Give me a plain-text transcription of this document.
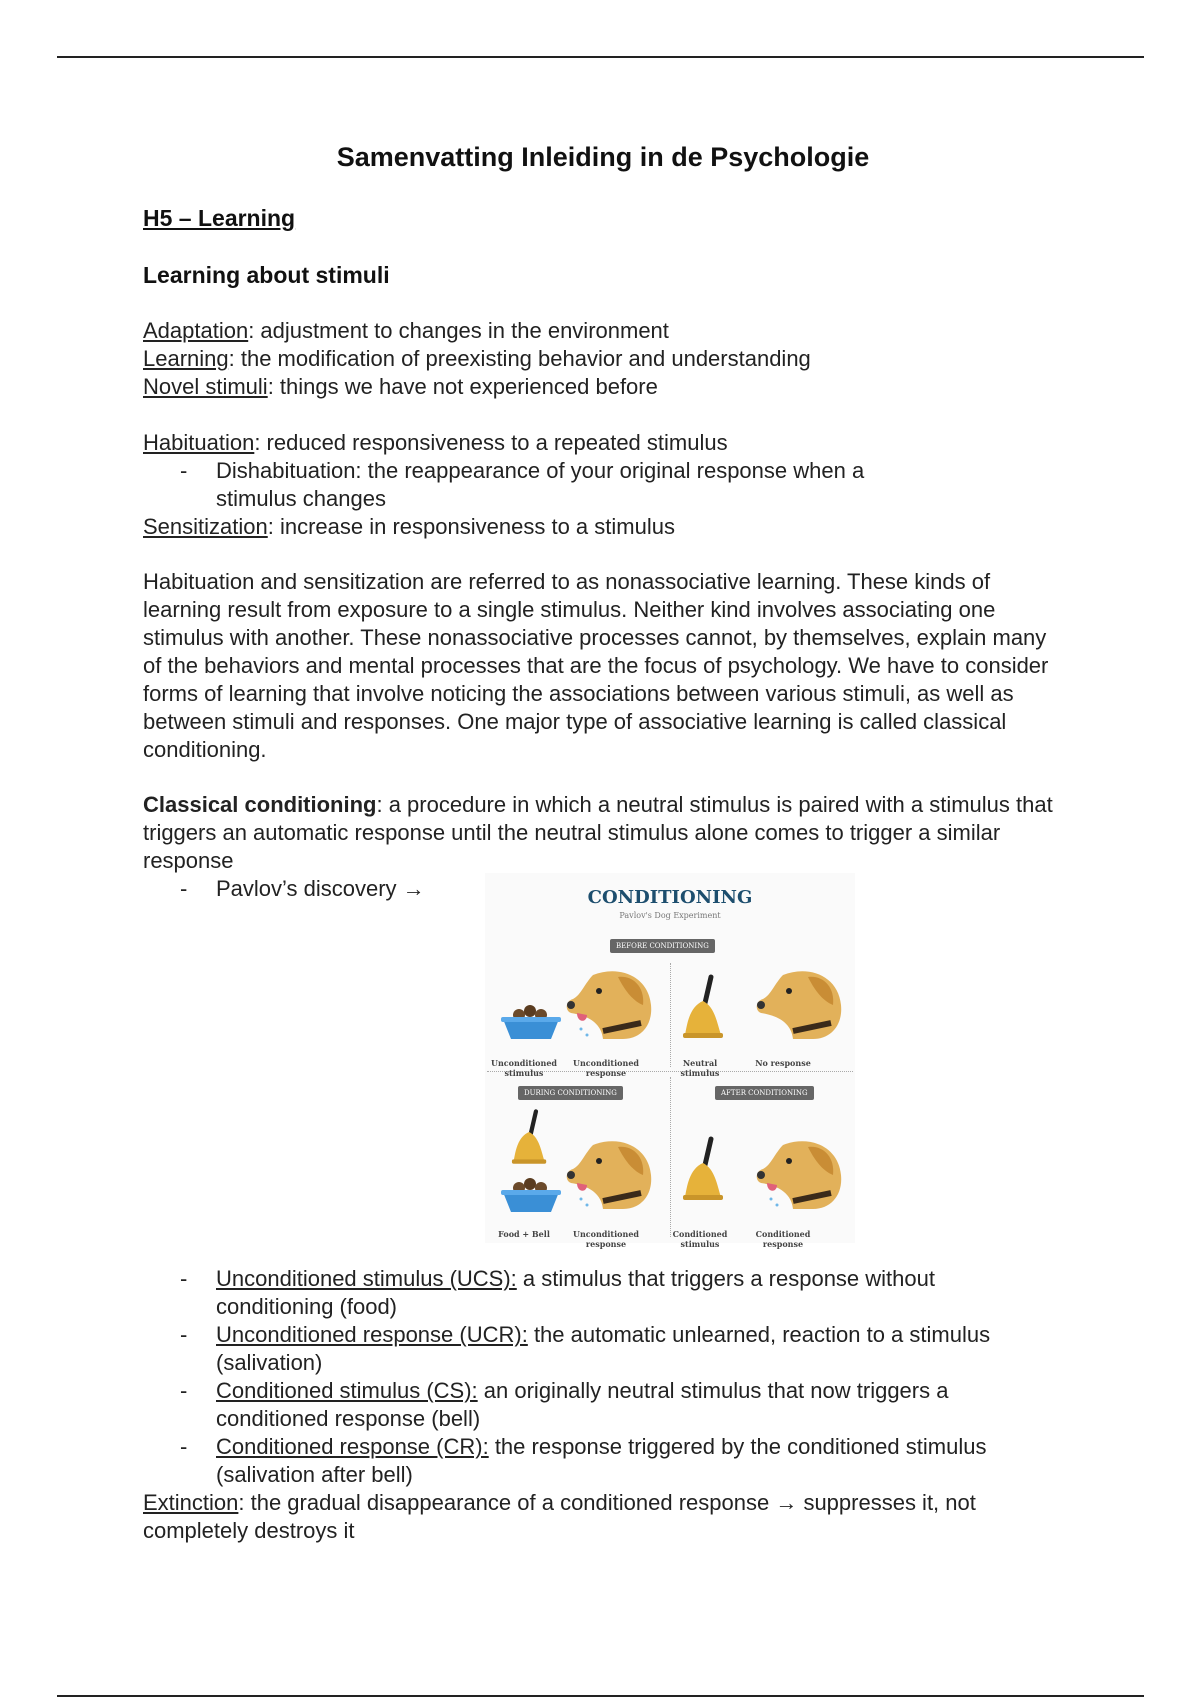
Samenvatting Inleiding in de Psychologie
H5 – Learning
Learning about stimuli

Adaptation: adjustment to changes in the environment

Learning: the modification of preexisting behavior and understanding

Novel stimuli: things we have not experienced before

Habituation: reduced responsiveness to a repeated stimulus

- Dishabituation: the reappearance of your original response when a stimulus changes

Sensitization: increase in responsiveness to a stimulus

Habituation and sensitization are referred to as nonassociative learning. These kinds of learning result from exposure to a single stimulus. Neither kind involves associating one stimulus with another. These nonassociative processes cannot, by themselves, explain many of the behaviors and mental processes that are the focus of psychology. We have to consider forms of learning that involve noticing the associations between various stimuli, as well as between stimuli and responses. One major type of associative learning is called classical conditioning.

Classical conditioning: a procedure in which a neutral stimulus is paired with a stimulus that triggers an automatic response until the neutral stimulus alone comes to trigger a similar response

- Pavlov’s discovery →

- Unconditioned stimulus (UCS): a stimulus that triggers a response without conditioning (food)

- Unconditioned response (UCR): the automatic unlearned, reaction to a stimulus (salivation)

- Conditioned stimulus (CS): an originally neutral stimulus that now triggers a conditioned response (bell)

- Conditioned response (CR): the response triggered by the conditioned stimulus (salivation after bell)

Extinction: the gradual disappearance of a conditioned response → suppresses it, not completely destroys it

CONDITIONING

Pavlov's Dog Experiment

BEFORE CONDITIONING
DURING CONDITIONING	AFTER CONDITIONING

Unconditioned stimulus

Unconditioned response

Neutral stimulus

No response

Food + Bell	Unconditioned response

Conditioned stimulus

Conditioned response
